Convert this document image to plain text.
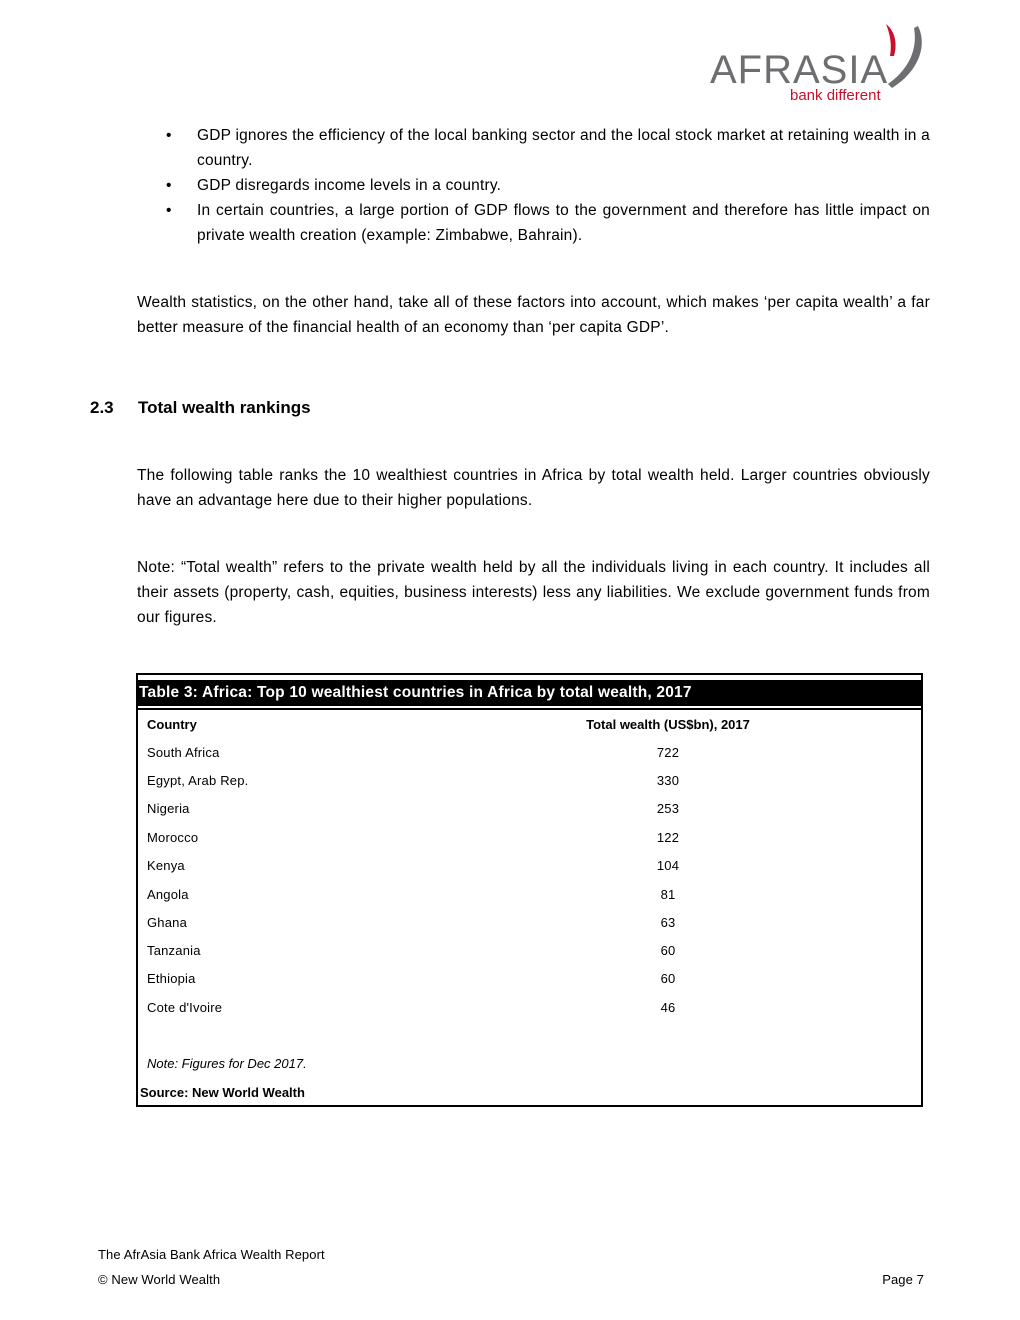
AFRASIA
bank different
• GDP ignores the efficiency of the local banking sector and the local stock market at retaining wealth in a country.
• GDP disregards income levels in a country.
• In certain countries, a large portion of GDP flows to the government and therefore has little impact on private wealth creation (example: Zimbabwe, Bahrain).

Wealth statistics, on the other hand, take all of these factors into account, which makes ‘per capita wealth’ a far better measure of the financial health of an economy than ‘per capita GDP’.

2.3 Total wealth rankings

The following table ranks the 10 wealthiest countries in Africa by total wealth held. Larger countries obviously have an advantage here due to their higher populations.

Note: “Total wealth” refers to the private wealth held by all the individuals living in each country. It includes all their assets (property, cash, equities, business interests) less any liabilities. We exclude government funds from our figures.

Table 3: Africa: Top 10 wealthiest countries in Africa by total wealth, 2017
Country	Total wealth (US$bn), 2017
South Africa	722
Egypt, Arab Rep.	330
Nigeria	253
Morocco	122
Kenya	104
Angola	81
Ghana	63
Tanzania	60
Ethiopia	60
Cote d'Ivoire	46
Note: Figures for Dec 2017.
Source: New World Wealth
The AfrAsia Bank Africa Wealth Report
© New World Wealth	Page 7
